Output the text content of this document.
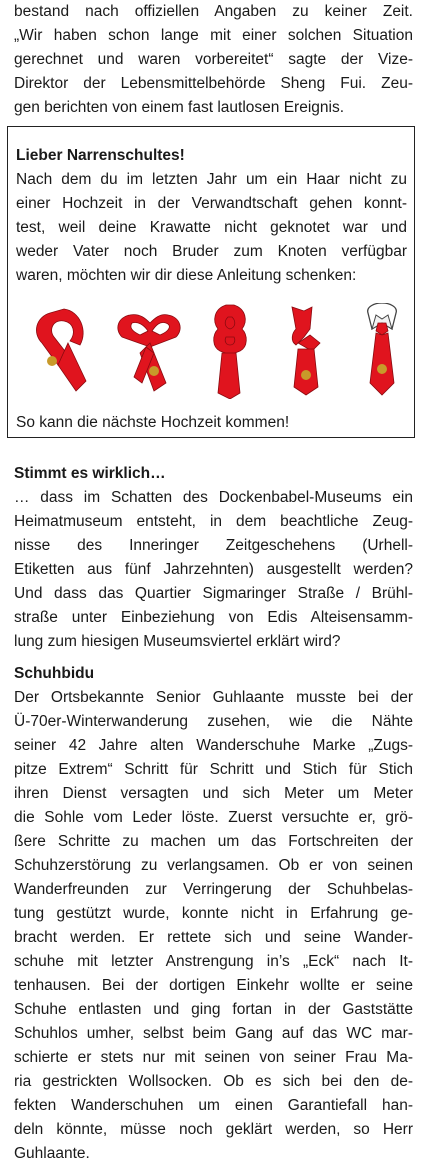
bestand nach offiziellen Angaben zu keiner Zeit.

„Wir haben schon lange mit einer solchen Situation

gerechnet und waren vorbereitet“ sagte der Vize-

Direktor der Lebensmittelbehörde Sheng Fui. Zeu-

gen berichten von einem fast lautlosen Ereignis.

Lieber Narrenschultes!

Nach dem du im letzten Jahr um ein Haar nicht zu

einer Hochzeit in der Verwandtschaft gehen konnt-

test, weil deine Krawatte nicht geknotet war und

weder Vater noch Bruder zum Knoten verfügbar

waren, möchten wir dir diese Anleitung schenken:

So kann die nächste Hochzeit kommen!
Stimmt es wirklich…

… dass im Schatten des Dockenbabel-Museums ein

Heimatmuseum entsteht, in dem beachtliche Zeug-

nisse des Inneringer Zeitgeschehens (Urhell-

Etiketten aus fünf Jahrzehnten) ausgestellt werden?

Und dass das Quartier Sigmaringer Straße / Brühl-

straße unter Einbeziehung von Edis Alteisensamm-

lung zum hiesigen Museumsviertel erklärt wird?

Schuhbidu

Der Ortsbekannte Senior Guhlaante musste bei der

Ü-70er-Winterwanderung zusehen, wie die Nähte

seiner 42 Jahre alten Wanderschuhe Marke „Zugs-

pitze Extrem“ Schritt für Schritt und Stich für Stich

ihren Dienst versagten und sich Meter um Meter

die Sohle vom Leder löste. Zuerst versuchte er, grö-

ßere Schritte zu machen um das Fortschreiten der

Schuhzerstörung zu verlangsamen. Ob er von seinen

Wanderfreunden zur Verringerung der Schuhbelas-

tung gestützt wurde, konnte nicht in Erfahrung ge-

bracht werden. Er rettete sich und seine Wander-

schuhe mit letzter Anstrengung in’s „Eck“ nach It-

tenhausen. Bei der dortigen Einkehr wollte er seine

Schuhe entlasten und ging fortan in der Gaststätte

Schuhlos umher, selbst beim Gang auf das WC mar-

schierte er stets nur mit seinen von seiner Frau Ma-

ria gestrickten Wollsocken. Ob es sich bei den de-

fekten Wanderschuhen um einen Garantiefall han-

deln könnte, müsse noch geklärt werden, so Herr

Guhlaante.
